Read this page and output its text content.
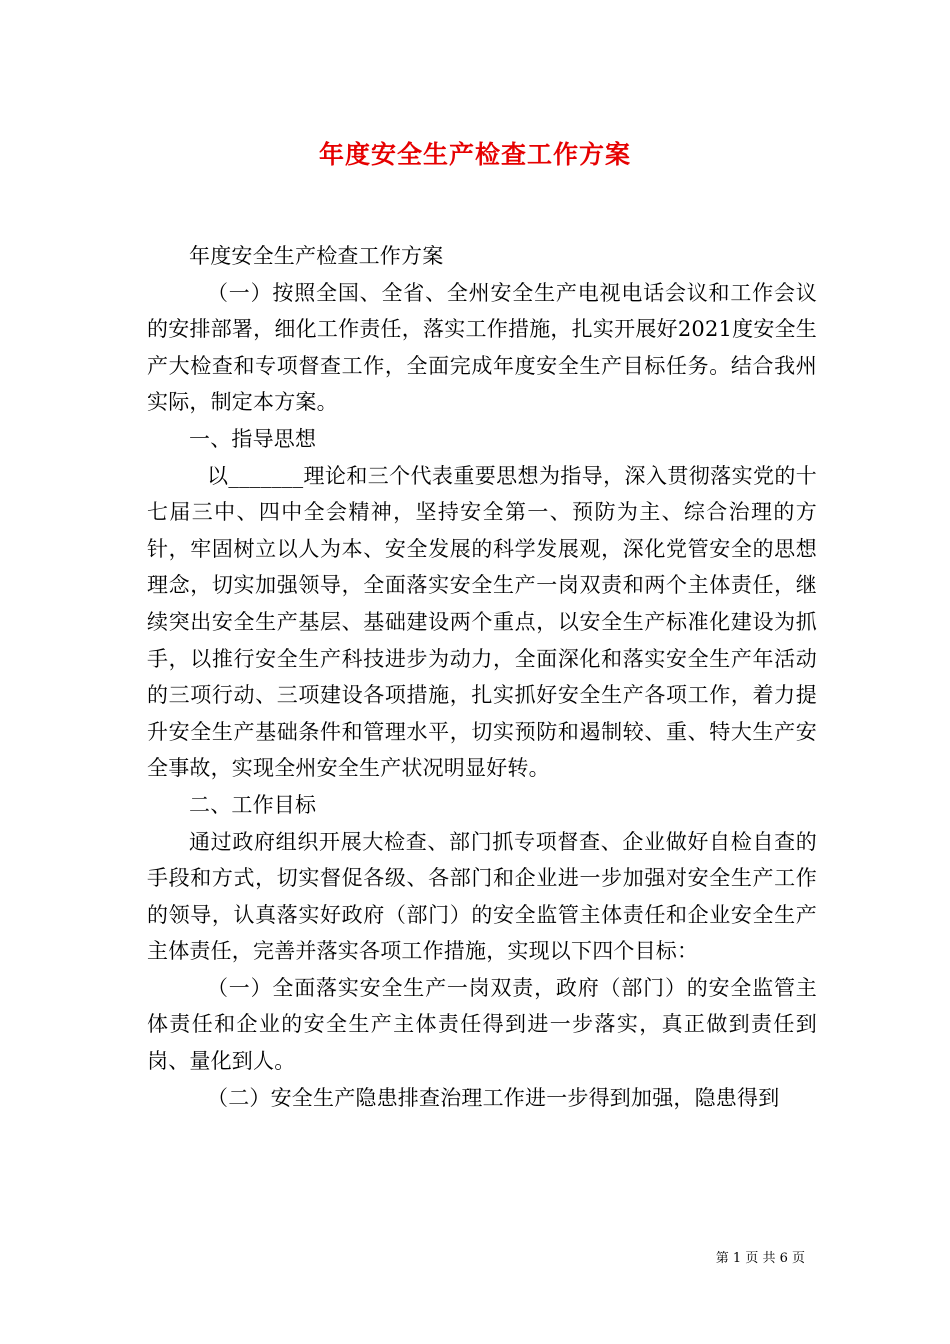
年度安全生产检查工作方案

年度安全生产检查工作方案

（一）按照全国、全省、全州安全生产电视电话会议和工作会议的安排部署，细化工作责任，落实工作措施，扎实开展好2021度安全生产大检查和专项督查工作，全面完成年度安全生产目标任务。结合我州实际，制定本方案。

一、指导思想

以_______理论和三个代表重要思想为指导，深入贯彻落实党的十七届三中、四中全会精神，坚持安全第一、预防为主、综合治理的方针，牢固树立以人为本、安全发展的科学发展观，深化党管安全的思想理念，切实加强领导，全面落实安全生产一岗双责和两个主体责任，继续突出安全生产基层、基础建设两个重点，以安全生产标准化建设为抓手，以推行安全生产科技进步为动力，全面深化和落实安全生产年活动的三项行动、三项建设各项措施，扎实抓好安全生产各项工作，着力提升安全生产基础条件和管理水平，切实预防和遏制较、重、特大生产安全事故，实现全州安全生产状况明显好转。

二、工作目标

通过政府组织开展大检查、部门抓专项督查、企业做好自检自查的手段和方式，切实督促各级、各部门和企业进一步加强对安全生产工作的领导，认真落实好政府（部门）的安全监管主体责任和企业安全生产主体责任，完善并落实各项工作措施，实现以下四个目标：

（一）全面落实安全生产一岗双责，政府（部门）的安全监管主体责任和企业的安全生产主体责任得到进一步落实，真正做到责任到岗、量化到人。

（二）安全生产隐患排查治理工作进一步得到加强，隐患得到

第 1 页 共 6 页
